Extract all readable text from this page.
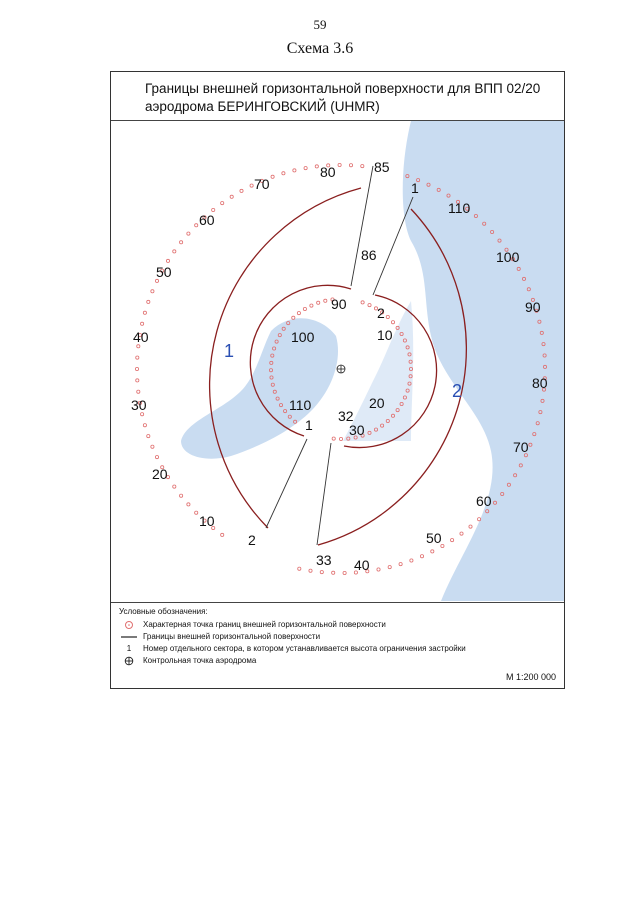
59
Схема 3.6
Границы внешней горизонтальной поверхности для ВПП 02/20 аэродрома БЕРИНГОВСКИЙ (UHMR)
1
2
85
80
70
60
50
40
30
20
10
2
1
110
100
90
80
70
60
50
40
33
86
90
100
110
1
2
10
20
30
32
Условные обозначения:
Характерная точка границ внешней горизонтальной поверхности
Границы внешней горизонтальной поверхности
1	Номер отдельного сектора, в котором устанавливается высота ограничения застройки
Контрольная точка аэродрома
М 1:200 000
